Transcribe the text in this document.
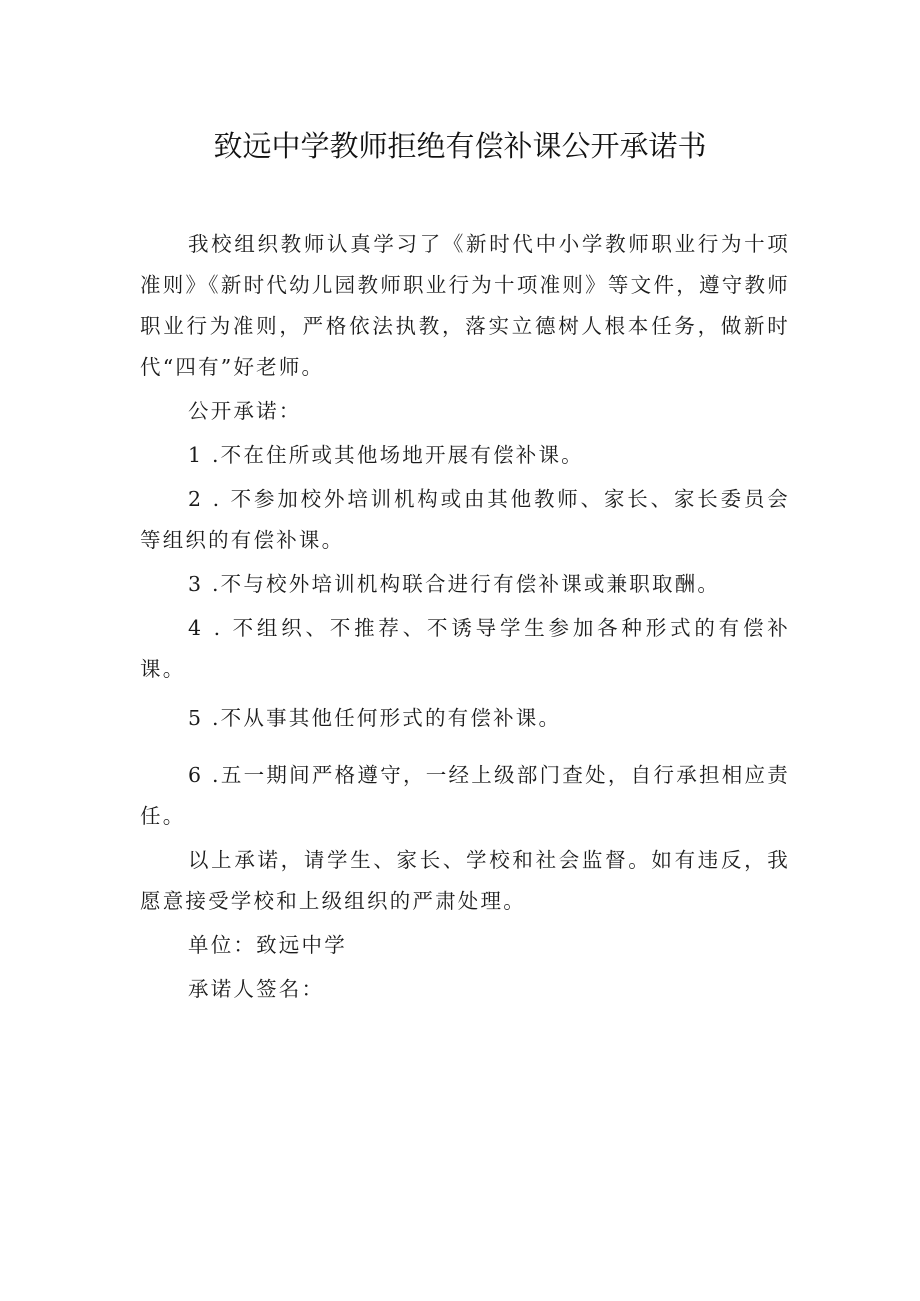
致远中学教师拒绝有偿补课公开承诺书

我校组织教师认真学习了《新时代中小学教师职业行为十项准则》《新时代幼儿园教师职业行为十项准则》等文件，遵守教师职业行为准则，严格依法执教，落实立德树人根本任务，做新时代“四有”好老师。

公开承诺：

1 .不在住所或其他场地开展有偿补课。

2 . 不参加校外培训机构或由其他教师、家长、家长委员会等组织的有偿补课。

3 .不与校外培训机构联合进行有偿补课或兼职取酬。

4 . 不组织、不推荐、不诱导学生参加各种形式的有偿补课。

5 .不从事其他任何形式的有偿补课。

6 .五一期间严格遵守，一经上级部门查处，自行承担相应责任。

以上承诺，请学生、家长、学校和社会监督。如有违反，我愿意接受学校和上级组织的严肃处理。

单位：致远中学

承诺人签名：
